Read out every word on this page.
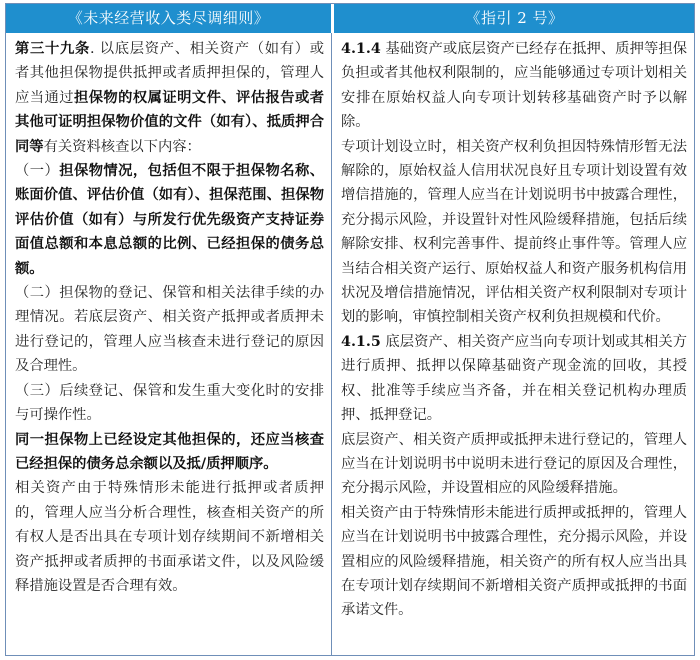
《未来经营收入类尽调细则》	《指引 2 号》

第三十九条. 以底层资产、相关资产（如有）或者其他担保物提供抵押或者质押担保的，管理人应当通过担保物的权属证明文件、评估报告或者其他可证明担保物价值的文件（如有）、抵质押合同等有关资料核查以下内容：

（一）担保物情况，包括但不限于担保物名称、账面价值、评估价值（如有）、担保范围、担保物评估价值（如有）与所发行优先级资产支持证券面值总额和本息总额的比例、已经担保的债务总额。

（二）担保物的登记、保管和相关法律手续的办理情况。若底层资产、相关资产抵押或者质押未进行登记的，管理人应当核查未进行登记的原因及合理性。

（三）后续登记、保管和发生重大变化时的安排与可操作性。

同一担保物上已经设定其他担保的，还应当核查已经担保的债务总余额以及抵/质押顺序。

相关资产由于特殊情形未能进行抵押或者质押的，管理人应当分析合理性，核查相关资产的所有权人是否出具在专项计划存续期间不新增相关资产抵押或者质押的书面承诺文件，以及风险缓释措施设置是否合理有效。

4.1.4 基础资产或底层资产已经存在抵押、质押等担保负担或者其他权利限制的，应当能够通过专项计划相关安排在原始权益人向专项计划转移基础资产时予以解除。

专项计划设立时，相关资产权利负担因特殊情形暂无法解除的，原始权益人信用状况良好且专项计划设置有效增信措施的，管理人应当在计划说明书中披露合理性，充分揭示风险，并设置针对性风险缓释措施，包括后续解除安排、权利完善事件、提前终止事件等。管理人应当结合相关资产运行、原始权益人和资产服务机构信用状况及增信措施情况，评估相关资产权利限制对专项计划的影响，审慎控制相关资产权利负担规模和代价。

4.1.5 底层资产、相关资产应当向专项计划或其相关方进行质押、抵押以保障基础资产现金流的回收，其授权、批准等手续应当齐备，并在相关登记机构办理质押、抵押登记。

底层资产、相关资产质押或抵押未进行登记的，管理人应当在计划说明书中说明未进行登记的原因及合理性，充分揭示风险，并设置相应的风险缓释措施。

相关资产由于特殊情形未能进行质押或抵押的，管理人应当在计划说明书中披露合理性，充分揭示风险，并设置相应的风险缓释措施，相关资产的所有权人应当出具在专项计划存续期间不新增相关资产质押或抵押的书面承诺文件。
